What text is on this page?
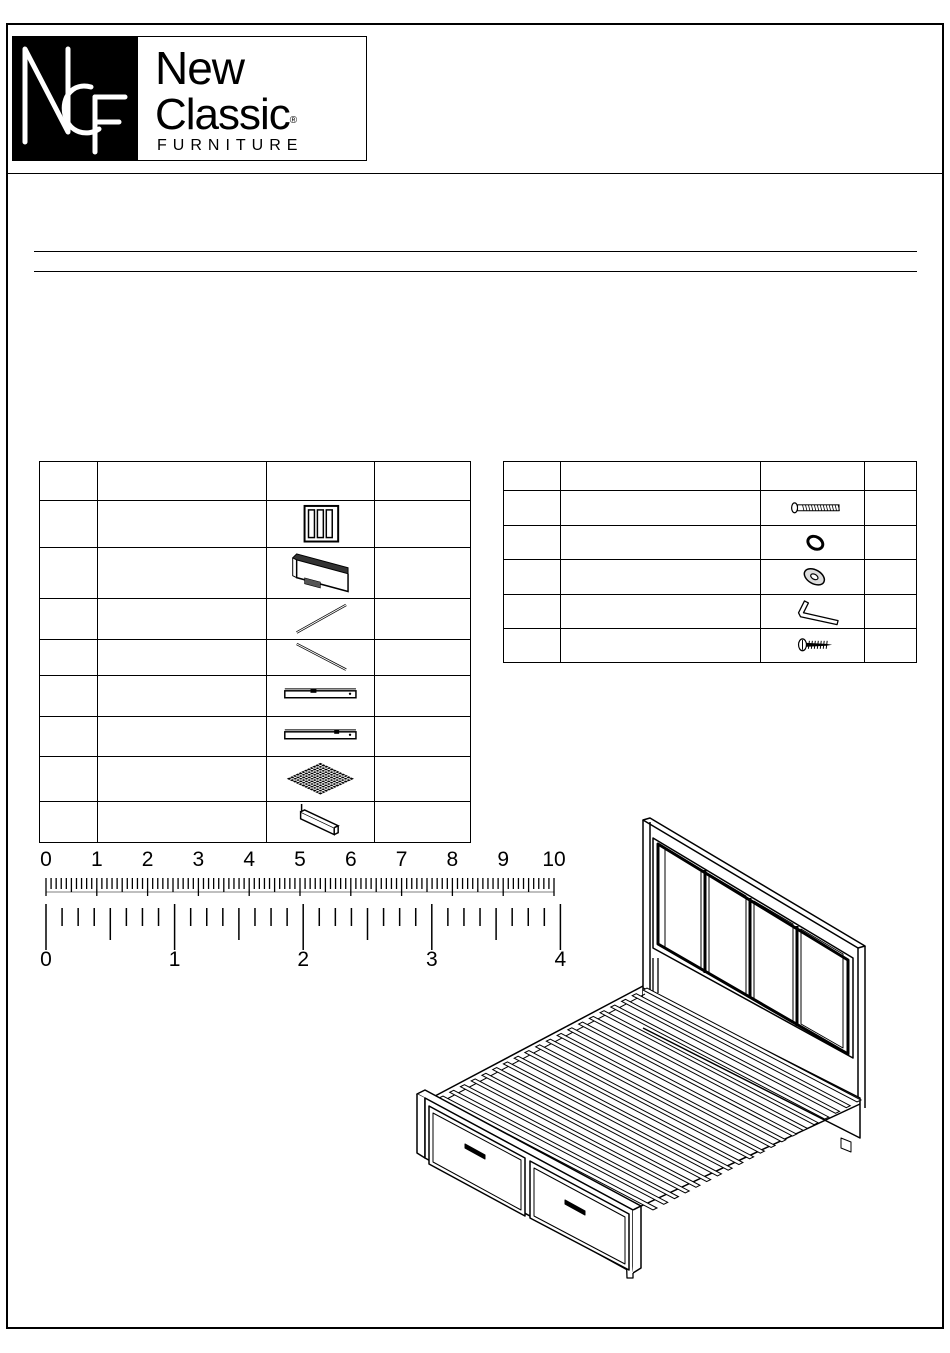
New
Classic®
FURNITURE

0 1 2 3 4 5 6 7 8 9 10
0	1	2	3	4
